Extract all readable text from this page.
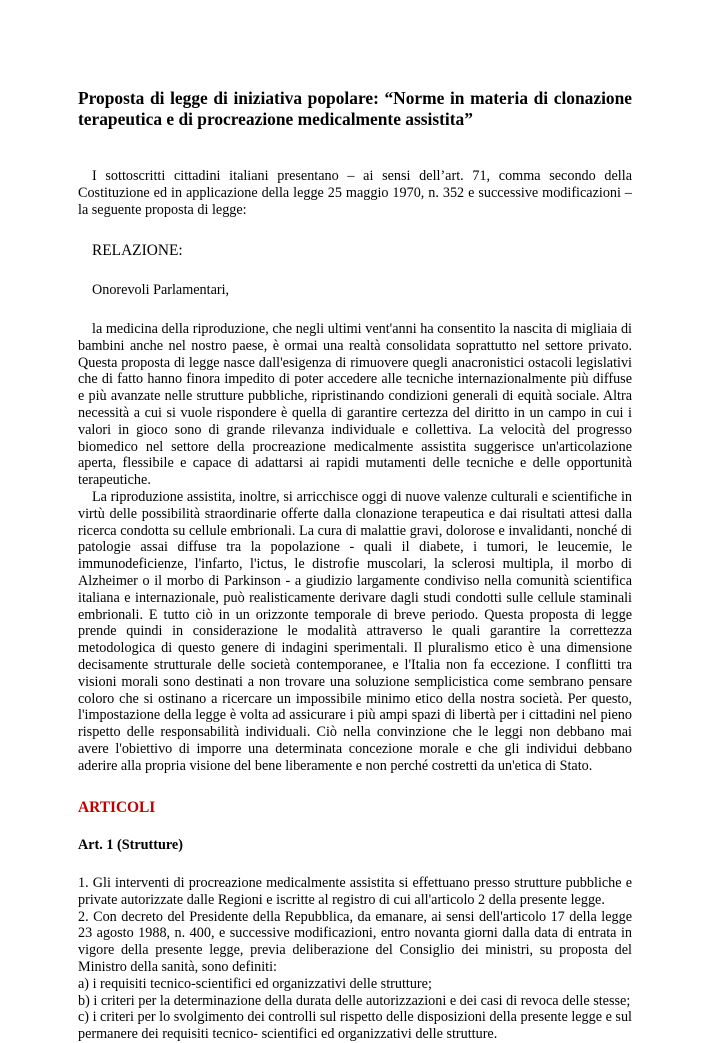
Proposta di legge di iniziativa popolare: “Norme in materia di clonazione terapeutica e di procreazione medicalmente assistita”

I sottoscritti cittadini italiani presentano – ai sensi dell’art. 71, comma secondo della Costituzione ed in applicazione della legge 25 maggio 1970, n. 352 e successive modificazioni – la seguente proposta di legge:

RELAZIONE:

Onorevoli Parlamentari,

la medicina della riproduzione, che negli ultimi vent'anni ha consentito la nascita di migliaia di bambini anche nel nostro paese, è ormai una realtà consolidata soprattutto nel settore privato. Questa proposta di legge nasce dall'esigenza di rimuovere quegli anacronistici ostacoli legislativi che di fatto hanno finora impedito di poter accedere alle tecniche internazionalmente più diffuse e più avanzate nelle strutture pubbliche, ripristinando condizioni generali di equità sociale. Altra necessità a cui si vuole rispondere è quella di garantire certezza del diritto in un campo in cui i valori in gioco sono di grande rilevanza individuale e collettiva. La velocità del progresso biomedico nel settore della procreazione medicalmente assistita suggerisce un'articolazione aperta, flessibile e capace di adattarsi ai rapidi mutamenti delle tecniche e delle opportunità terapeutiche.

La riproduzione assistita, inoltre, si arricchisce oggi di nuove valenze culturali e scientifiche in virtù delle possibilità straordinarie offerte dalla clonazione terapeutica e dai risultati attesi dalla ricerca condotta su cellule embrionali. La cura di malattie gravi, dolorose e invalidanti, nonché di patologie assai diffuse tra la popolazione - quali il diabete, i tumori, le leucemie, le immunodeficienze, l'infarto, l'ictus, le distrofie muscolari, la sclerosi multipla, il morbo di Alzheimer o il morbo di Parkinson - a giudizio largamente condiviso nella comunità scientifica italiana e internazionale, può realisticamente derivare dagli studi condotti sulle cellule staminali embrionali. E tutto ciò in un orizzonte temporale di breve periodo. Questa proposta di legge prende quindi in considerazione le modalità attraverso le quali garantire la correttezza metodologica di questo genere di indagini sperimentali. Il pluralismo etico è una dimensione decisamente strutturale delle società contemporanee, e l'Italia non fa eccezione. I conflitti tra visioni morali sono destinati a non trovare una soluzione semplicistica come sembrano pensare coloro che si ostinano a ricercare un impossibile minimo etico della nostra società. Per questo, l'impostazione della legge è volta ad assicurare i più ampi spazi di libertà per i cittadini nel pieno rispetto delle responsabilità individuali. Ciò nella convinzione che le leggi non debbano mai avere l'obiettivo di imporre una determinata concezione morale e che gli individui debbano aderire alla propria visione del bene liberamente e non perché costretti da un'etica di Stato.

ARTICOLI

Art. 1 (Strutture)

1. Gli interventi di procreazione medicalmente assistita si effettuano presso strutture pubbliche e private autorizzate dalle Regioni e iscritte al registro di cui all'articolo 2 della presente legge.

2. Con decreto del Presidente della Repubblica, da emanare, ai sensi dell'articolo 17 della legge 23 agosto 1988, n. 400, e successive modificazioni, entro novanta giorni dalla data di entrata in vigore della presente legge, previa deliberazione del Consiglio dei ministri, su proposta del Ministro della sanità, sono definiti:

a) i requisiti tecnico-scientifici ed organizzativi delle strutture;

b) i criteri per la determinazione della durata delle autorizzazioni e dei casi di revoca delle stesse;

c) i criteri per lo svolgimento dei controlli sul rispetto delle disposizioni della presente legge e sul permanere dei requisiti tecnico- scientifici ed organizzativi delle strutture.
